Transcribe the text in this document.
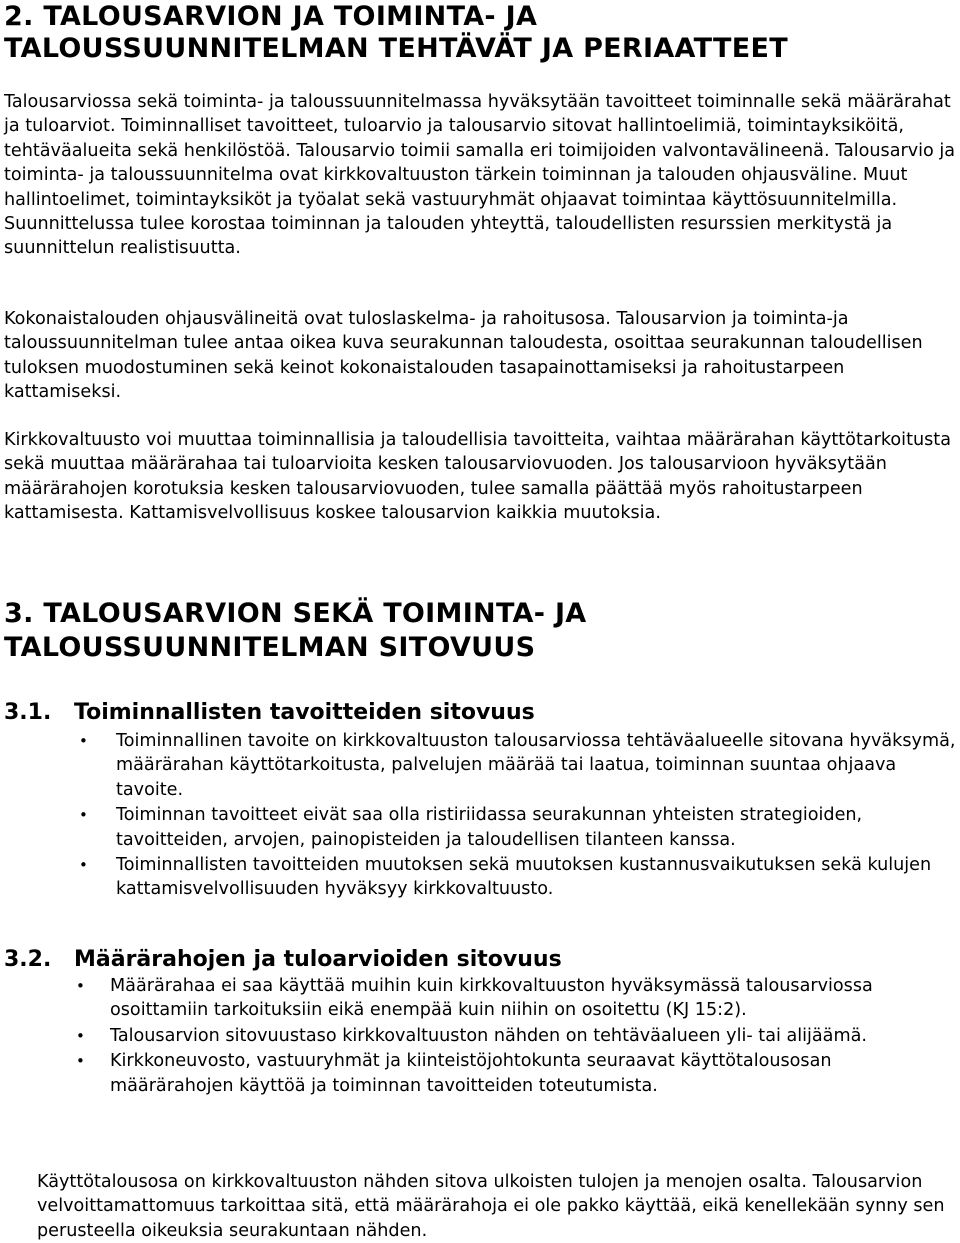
2. TALOUSARVION JA TOIMINTA- JA
TALOUSSUUNNITELMAN TEHTÄVÄT JA PERIAATTEET

Talousarviossa sekä toiminta- ja taloussuunnitelmassa hyväksytään tavoitteet toiminnalle sekä määrärahat ja tuloarviot. Toiminnalliset tavoitteet, tuloarvio ja talousarvio sitovat hallintoelimiä, toimintayksiköitä, tehtäväalueita sekä henkilöstöä. Talousarvio toimii samalla eri toimijoiden valvontavälineenä. Talousarvio ja toiminta- ja taloussuunnitelma ovat kirkkovaltuuston tärkein toiminnan ja talouden ohjausväline. Muut hallintoelimet, toimintayksiköt ja työalat sekä vastuuryhmät ohjaavat toimintaa käyttösuunnitelmilla. Suunnittelussa tulee korostaa toiminnan ja talouden yhteyttä, taloudellisten resurssien merkitystä ja suunnittelun realistisuutta.

Kokonaistalouden ohjausvälineitä ovat tuloslaskelma- ja rahoitusosa. Talousarvion ja toiminta-ja taloussuunnitelman tulee antaa oikea kuva seurakunnan taloudesta, osoittaa seurakunnan taloudellisen tuloksen muodostuminen sekä keinot kokonaistalouden tasapainottamiseksi ja rahoitustarpeen kattamiseksi.

Kirkkovaltuusto voi muuttaa toiminnallisia ja taloudellisia tavoitteita, vaihtaa määrärahan käyttötarkoitusta sekä muuttaa määrärahaa tai tuloarvioita kesken talousarviovuoden. Jos talousarvioon hyväksytään määrärahojen korotuksia kesken talousarviovuoden, tulee samalla päättää myös rahoitustarpeen kattamisesta. Kattamisvelvollisuus koskee talousarvion kaikkia muutoksia.

3. TALOUSARVION SEKÄ TOIMINTA- JA
TALOUSSUUNNITELMAN SITOVUUS
3.1. Toiminnallisten tavoitteiden sitovuus
• Toiminnallinen tavoite on kirkkovaltuuston talousarviossa tehtäväalueelle sitovana hyväksymä, määrärahan käyttötarkoitusta, palvelujen määrää tai laatua, toiminnan suuntaa ohjaava tavoite.
• Toiminnan tavoitteet eivät saa olla ristiriidassa seurakunnan yhteisten strategioiden, tavoitteiden, arvojen, painopisteiden ja taloudellisen tilanteen kanssa.
• Toiminnallisten tavoitteiden muutoksen sekä muutoksen kustannusvaikutuksen sekä kulujen kattamisvelvollisuuden hyväksyy kirkkovaltuusto.
3.2. Määrärahojen ja tuloarvioiden sitovuus
• Määrärahaa ei saa käyttää muihin kuin kirkkovaltuuston hyväksymässä talousarviossa osoittamiin tarkoituksiin eikä enempää kuin niihin on osoitettu (KJ 15:2).
• Talousarvion sitovuustaso kirkkovaltuuston nähden on tehtäväalueen yli- tai alijäämä.
• Kirkkoneuvosto, vastuuryhmät ja kiinteistöjohtokunta seuraavat käyttötalousosan määrärahojen käyttöä ja toiminnan tavoitteiden toteutumista.

Käyttötalousosa on kirkkovaltuuston nähden sitova ulkoisten tulojen ja menojen osalta. Talousarvion velvoittamattomuus tarkoittaa sitä, että määrärahoja ei ole pakko käyttää, eikä kenellekään synny sen perusteella oikeuksia seurakuntaan nähden.
